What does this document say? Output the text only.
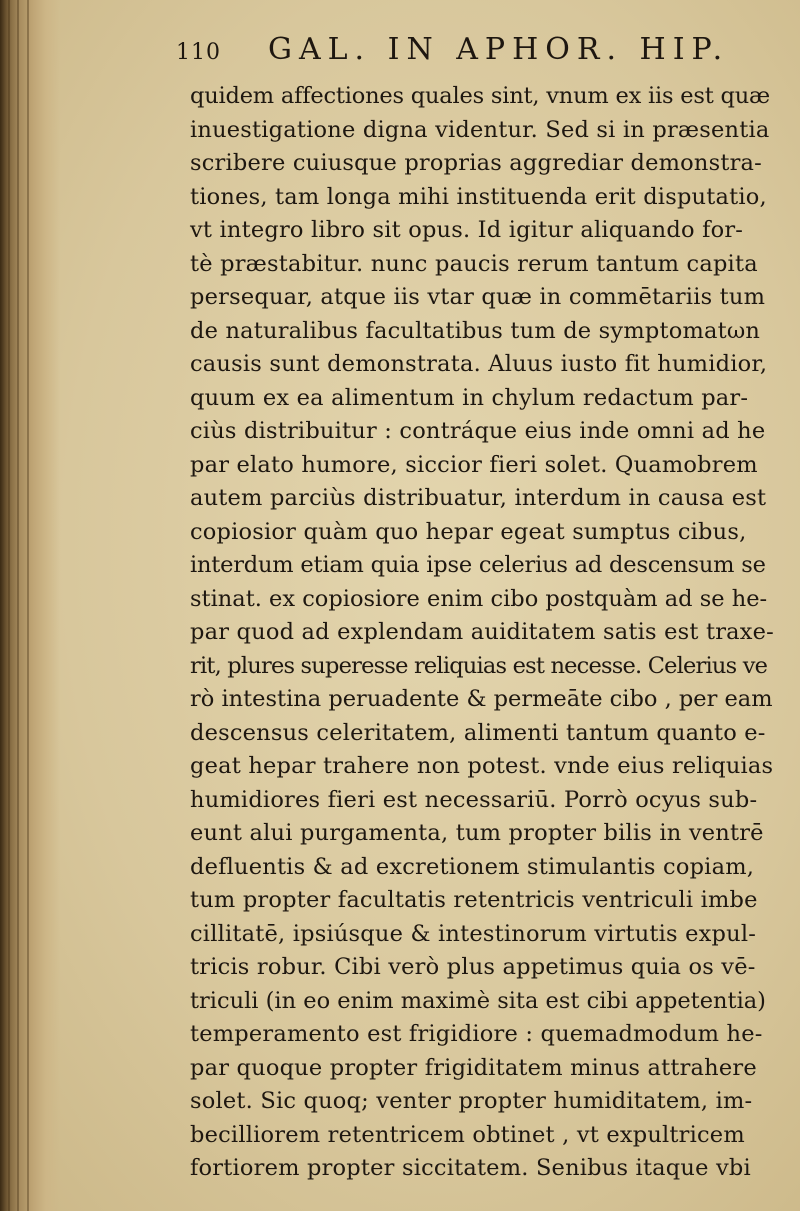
110 GAL. IN APHOR. HIP.
quidem affectiones quales sint, vnum ex iis est quæ
inuestigatione digna videntur. Sed si in præsentia
scribere cuiusque proprias aggrediar demonstra-
tiones, tam longa mihi instituenda erit disputatio,
vt integro libro sit opus. Id igitur aliquando for-
tè præstabitur. nunc paucis rerum tantum capita
persequar, atque iis vtar quæ in commētariis tum
de naturalibus facultatibus tum de symptomatωn
causis sunt demonstrata. Aluus iusto fit humidior,
quum ex ea alimentum in chylum redactum par-
ciùs distribuitur : contráque eius inde omni ad he
par elato humore, siccior fieri solet. Quamobrem
autem parciùs distribuatur, interdum in causa est
copiosior quàm quo hepar egeat sumptus cibus,
interdum etiam quia ipse celerius ad descensum se
stinat. ex copiosiore enim cibo postquàm ad se he-
par quod ad explendam auiditatem satis est traxe-
rit, plures superesse reliquias est necesse. Celerius ve
rò intestina peruadente & permeāte cibo , per eam
descensus celeritatem, alimenti tantum quanto e-
geat hepar trahere non potest. vnde eius reliquias
humidiores fieri est necessariū. Porrò ocyus sub-
eunt alui purgamenta, tum propter bilis in ventrē
defluentis & ad excretionem stimulantis copiam,
tum propter facultatis retentricis ventriculi imbe
cillitatē, ipsiúsque & intestinorum virtutis expul-
tricis robur. Cibi verò plus appetimus quia os vē-
triculi (in eo enim maximè sita est cibi appetentia)
temperamento est frigidiore : quemadmodum he-
par quoque propter frigiditatem minus attrahere
solet. Sic quoq; venter propter humiditatem, im-
becilliorem retentricem obtinet , vt expultricem
fortiorem propter siccitatem. Senibus itaque vbi
